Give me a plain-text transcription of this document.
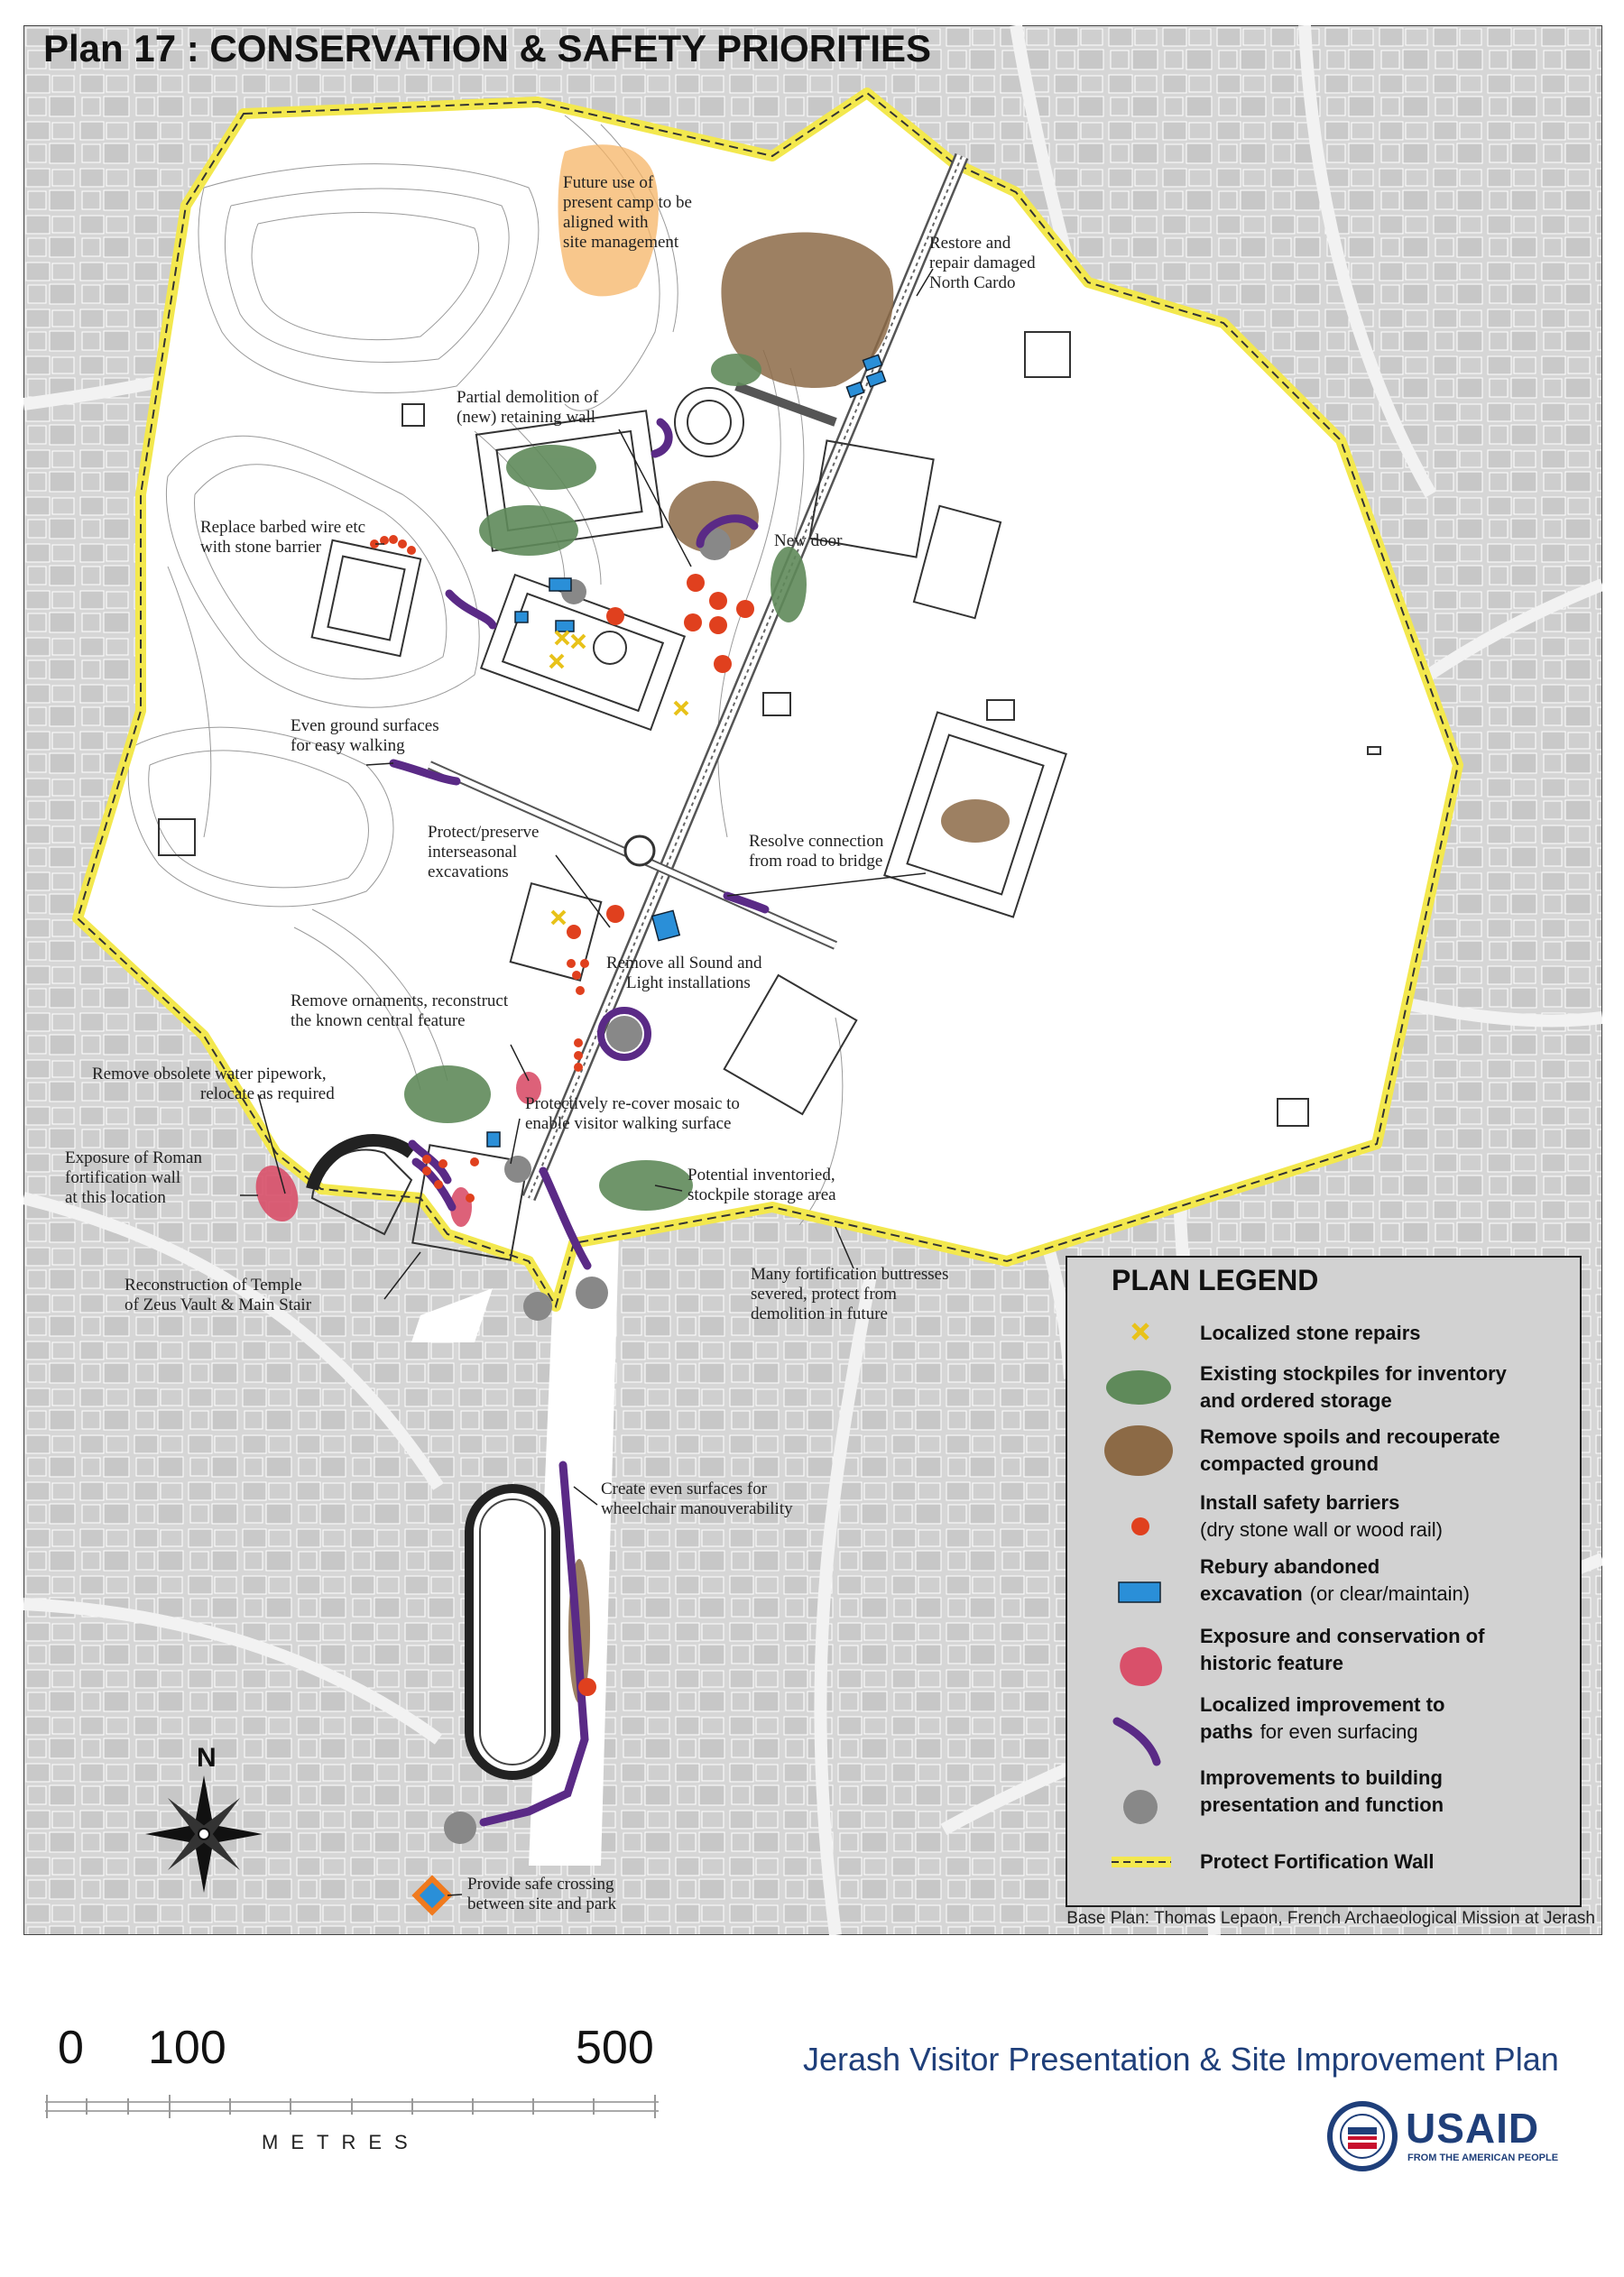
Plan 17 : CONSERVATION & SAFETY PRIORITIES
Future use of present camp to be aligned with site management	Restore and repair damaged North Cardo
Partial demolition of (new) retaining wall
Replace barbed wire etc with stone barrier	New door
Even ground surfaces for easy walking
Protect/preserve interseasonal excavations
Resolve connection from road to bridge
Remove all Sound and Light installations
Remove ornaments, reconstruct the known central feature
Remove obsolete water pipework, relocate as required
Protectively re-cover mosaic to enable visitor walking surface
Exposure of Roman fortification wall at this location
Potential inventoried, stockpile storage area
Many fortification buttresses severed, protect from demolition in future
Reconstruction of Temple of Zeus Vault & Main Stair
Create even surfaces for wheelchair manouverability
Provide safe crossing between site and park
N
PLAN LEGEND
Localized stone repairs
Existing stockpiles for inventory and ordered storage
Remove spoils and recouperate compacted ground
Install safety barriers (dry stone wall or wood rail)
Rebury abandoned excavation (or clear/maintain)
Exposure and conservation of historic feature
Localized improvement to paths for even surfacing
Improvements to building presentation and function
Protect Fortification Wall
Base Plan: Thomas Lepaon, French Archaeological Mission at Jerash
0 100	500
METRES
Jerash Visitor Presentation & Site Improvement Plan
USAID
FROM THE AMERICAN PEOPLE
